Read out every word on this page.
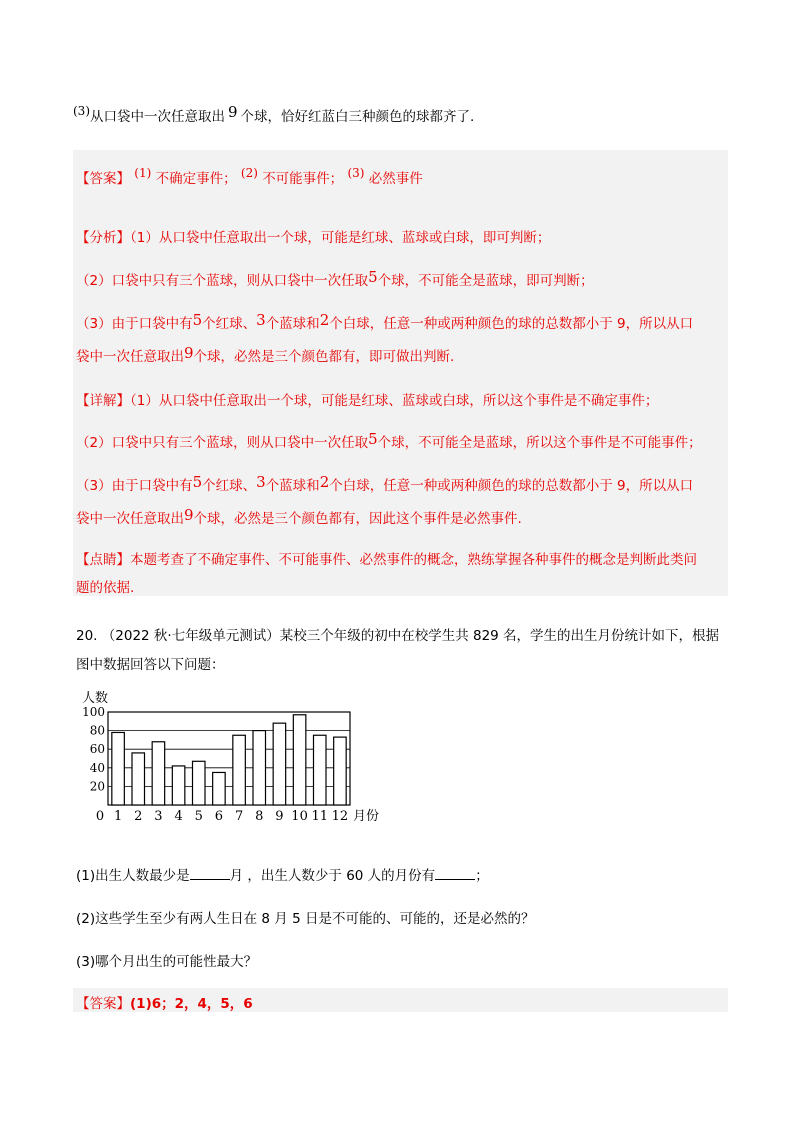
(3)从口袋中一次任意取出 9 个球，恰好红蓝白三种颜色的球都齐了.
【答案】 (1) 不确定事件； (2) 不可能事件； (3) 必然事件
【分析】（1）从口袋中任意取出一个球，可能是红球、蓝球或白球，即可判断；
（2）口袋中只有三个蓝球，则从口袋中一次任取5个球，不可能全是蓝球，即可判断；
（3）由于口袋中有5个红球、3个蓝球和2个白球，任意一种或两种颜色的球的总数都小于 9，所以从口
袋中一次任意取出9个球，必然是三个颜色都有，即可做出判断.
【详解】（1）从口袋中任意取出一个球，可能是红球、蓝球或白球，所以这个事件是不确定事件；
（2）口袋中只有三个蓝球，则从口袋中一次任取5个球，不可能全是蓝球，所以这个事件是不可能事件；
（3）由于口袋中有5个红球、3个蓝球和2个白球，任意一种或两种颜色的球的总数都小于 9，所以从口
袋中一次任意取出9个球，必然是三个颜色都有，因此这个事件是必然事件.
【点睛】本题考查了不确定事件、不可能事件、必然事件的概念，熟练掌握各种事件的概念是判断此类问
题的依据.
20. （2022 秋·七年级单元测试）某校三个年级的初中在校学生共 829 名，学生的出生月份统计如下，根据
图中数据回答以下问题：
20
40
60
80
100
1 2 3 4 5 6 7 8 9 10 11 12
人数
月份
0
(1)出生人数最少是	月 ，出生人数少于 60 人的月份有	；
(2)这些学生至少有两人生日在 8 月 5 日是不可能的、可能的，还是必然的？
(3)哪个月出生的可能性最大？
【答案】(1)6；2，4，5，6
